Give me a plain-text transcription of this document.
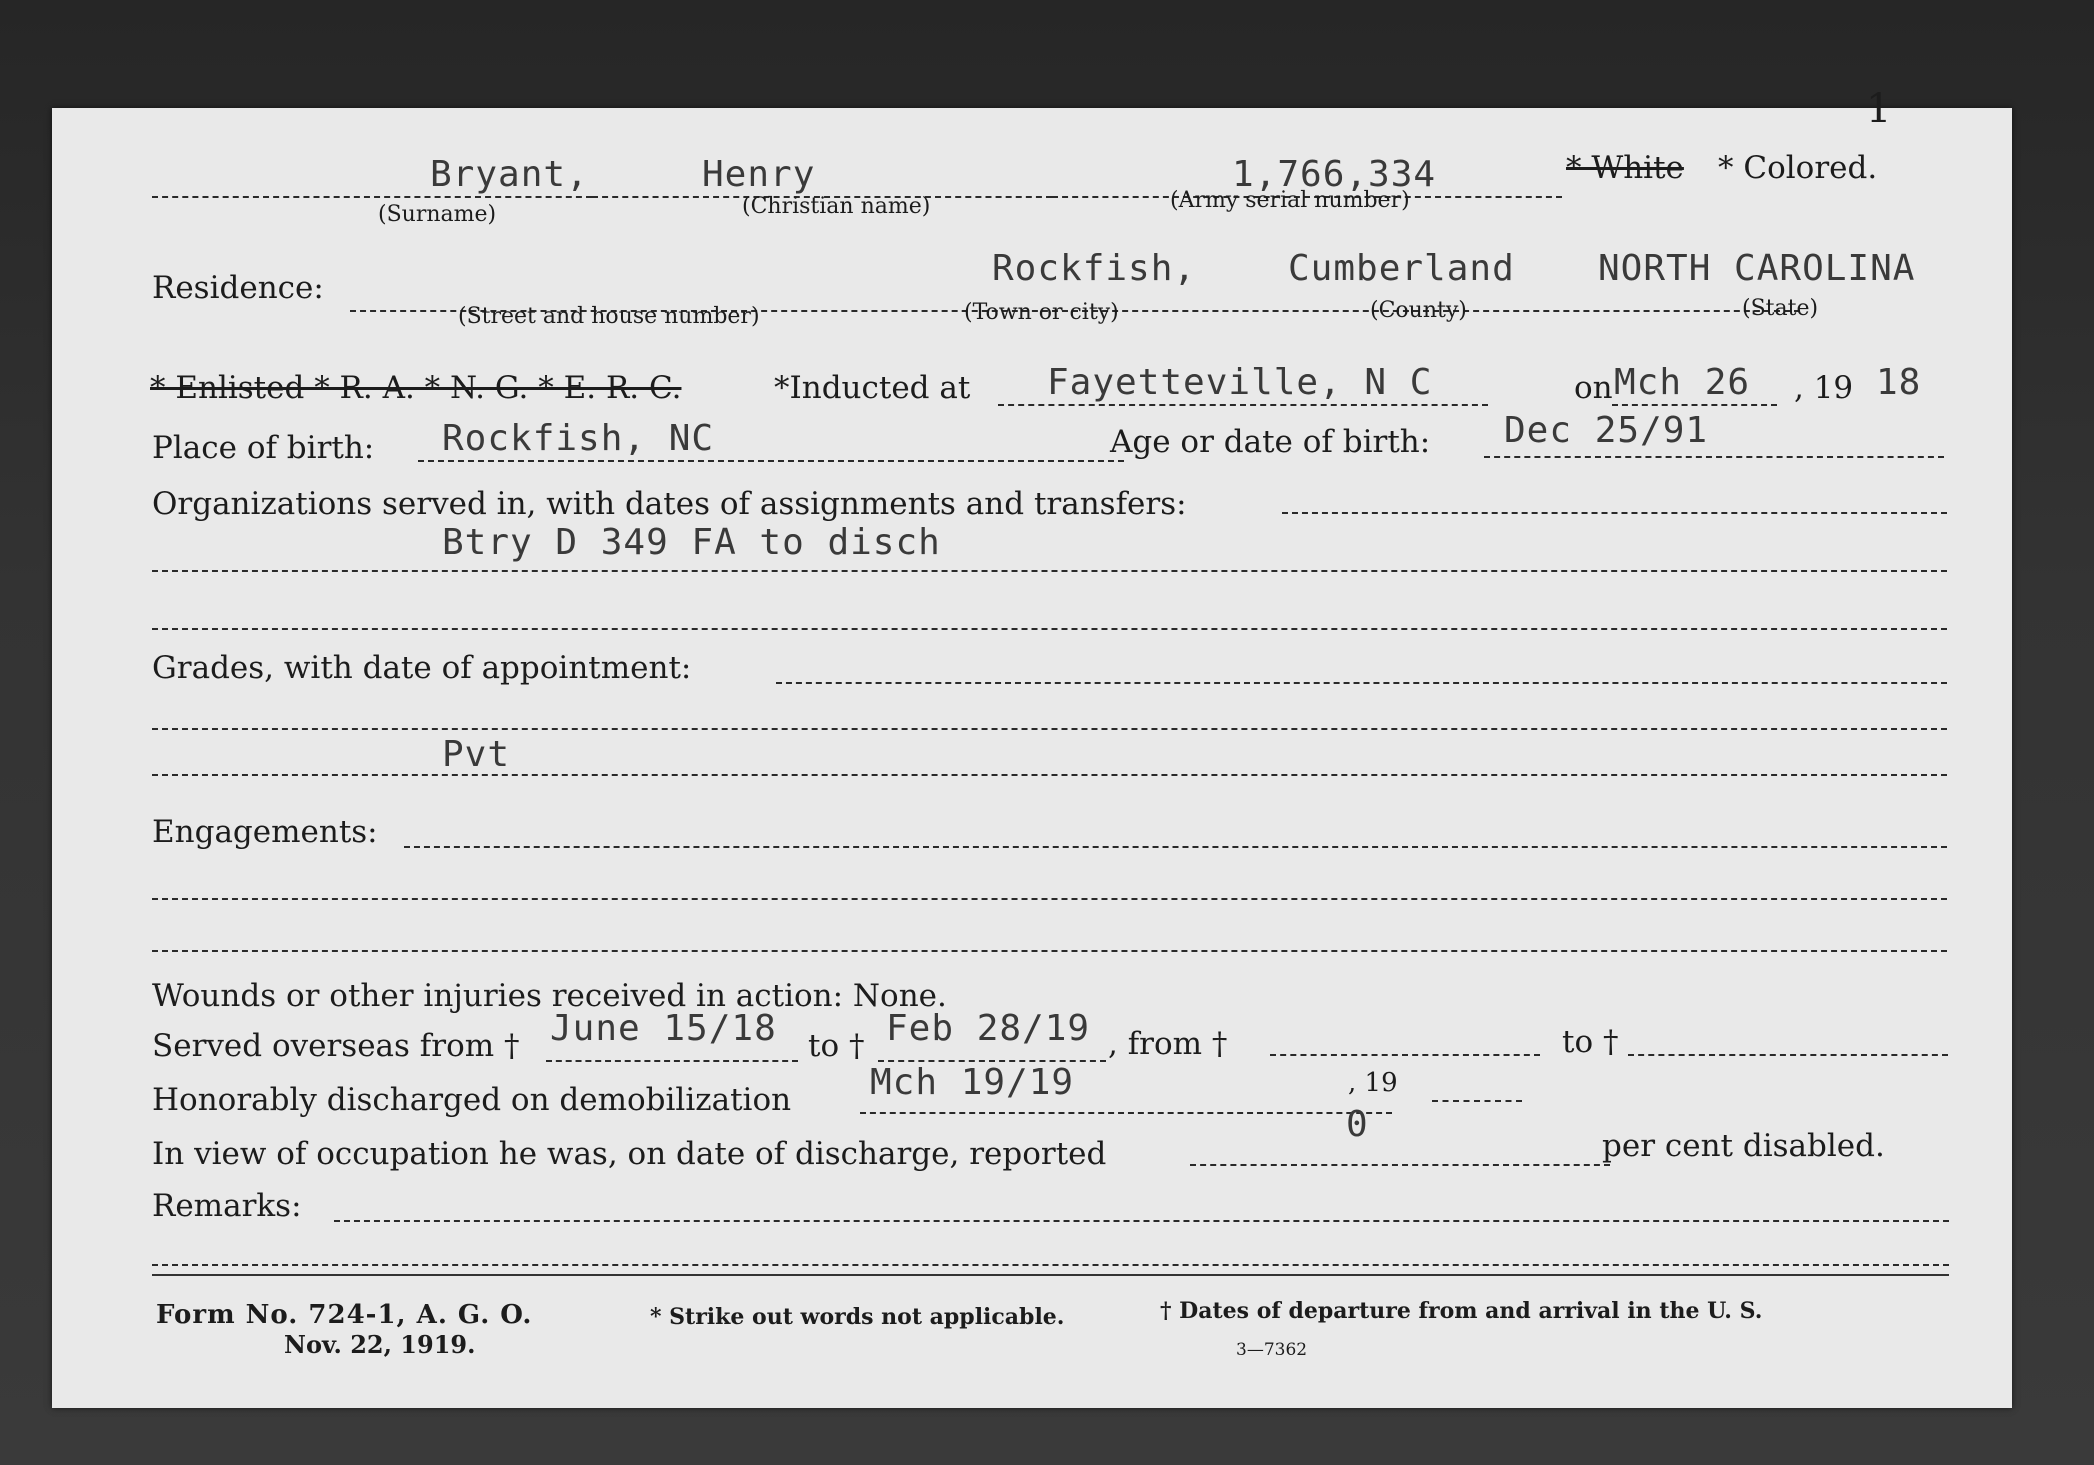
1
Bryant,	Henry	1,766,334	* White * Colored.
(Surname)	(Christian name)	(Army serial number)
Residence:	Rockfish,	Cumberland NORTH CAROLINA
(Street and house number)	(Town or city)	(County)	(State)
* Enlisted * R. A. * N. G. * E. R. C.	*Inducted at Fayetteville, N C	on Mch 26 , 19 18
Place of birth: Rockfish, NC	Age or date of birth: Dec 25/91
Organizations served in, with dates of assignments and transfers:
Btry D 349 FA to disch
Grades, with date of appointment:
Pvt
Engagements:
Wounds or other injuries received in action: None.
Served overseas from † June 15/18 to † Feb 28/19 , from †	to †
Honorably discharged on demobilization Mch 19/19	, 19
In view of occupation he was, on date of discharge, reported
0
per cent disabled.
Remarks:
Form No. 724-1, A. G. O.
Nov. 22, 1919.
* Strike out words not applicable.	† Dates of departure from and arrival in the U. S.
3—7362
